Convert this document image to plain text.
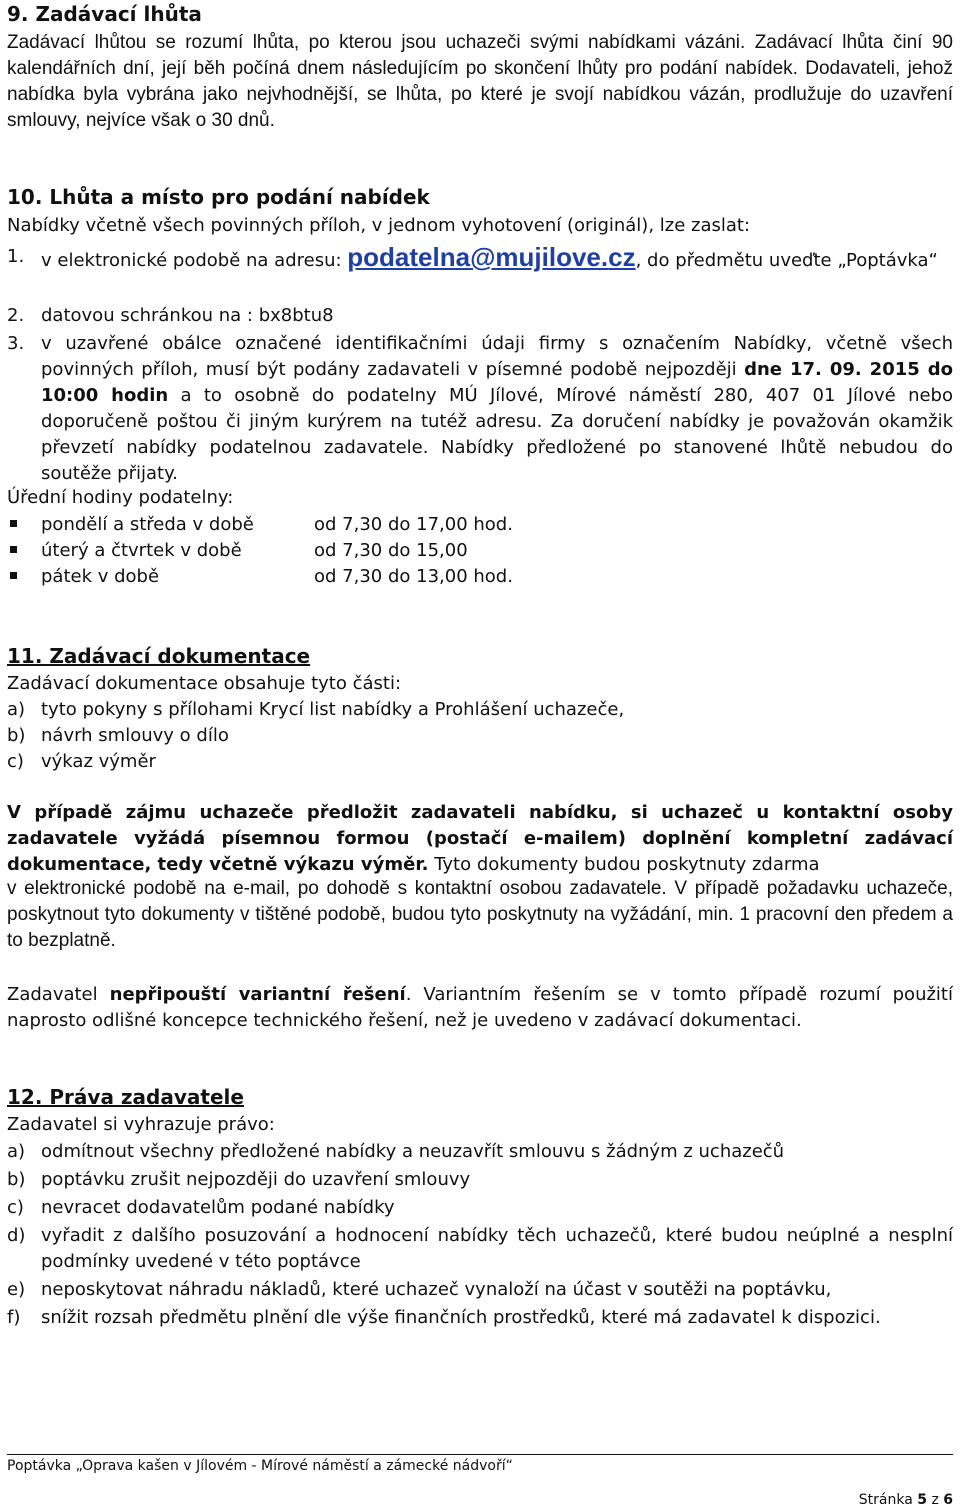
9. Zadávací lhůta

Zadávací lhůtou se rozumí lhůta, po kterou jsou uchazeči svými nabídkami vázáni. Zadávací lhůta činí 90 kalendářních dní, její běh počíná dnem následujícím po skončení lhůty pro podání nabídek. Dodavateli, jehož nabídka byla vybrána jako nejvhodnější, se lhůta, po které je svojí nabídkou vázán, prodlužuje do uzavření smlouvy, nejvíce však o 30 dnů.

10. Lhůta a místo pro podání nabídek

Nabídky včetně všech povinných příloh, v jednom vyhotovení (originál), lze zaslat:

1. v elektronické podobě na adresu: podatelna@mujilove.cz, do předmětu uveďte „Poptávka“
2. datovou schránkou na : bx8btu8
3. v uzavřené obálce označené identifikačními údaji firmy s označením Nabídky, včetně všech povinných příloh, musí být podány zadavateli v písemné podobě nejpozději dne 17. 09. 2015 do 10:00 hodin a to osobně do podatelny MÚ Jílové, Mírové náměstí 280, 407 01 Jílové nebo doporučeně poštou či jiným kurýrem na tutéž adresu. Za doručení nabídky je považován okamžik převzetí nabídky podatelnou zadavatele. Nabídky předložené po stanovené lhůtě nebudou do soutěže přijaty.

Úřední hodiny podatelny:

pondělí a středa v době	od 7,30 do 17,00 hod.
úterý a čtvrtek v době	od 7,30 do 15,00
pátek v době	od 7,30 do 13,00 hod.
11. Zadávací dokumentace

Zadávací dokumentace obsahuje tyto části:

a) tyto pokyny s přílohami Krycí list nabídky a Prohlášení uchazeče,
b) návrh smlouvy o dílo
c) výkaz výměr

V případě zájmu uchazeče předložit zadavateli nabídku, si uchazeč u kontaktní osoby zadavatele vyžádá písemnou formou (postačí e-mailem) doplnění kompletní zadávací dokumentace, tedy včetně výkazu výměr. Tyto dokumenty budou poskytnuty zdarma

v elektronické podobě na e-mail, po dohodě s kontaktní osobou zadavatele. V případě požadavku uchazeče, poskytnout tyto dokumenty v tištěné podobě, budou tyto poskytnuty na vyžádání, min. 1 pracovní den předem a to bezplatně.

Zadavatel nepřipouští variantní řešení. Variantním řešením se v tomto případě rozumí použití naprosto odlišné koncepce technického řešení, než je uvedeno v zadávací dokumentaci.

12. Práva zadavatele

Zadavatel si vyhrazuje právo:

a) odmítnout všechny předložené nabídky a neuzavřít smlouvu s žádným z uchazečů
b) poptávku zrušit nejpozději do uzavření smlouvy
c) nevracet dodavatelům podané nabídky
d) vyřadit z dalšího posuzování a hodnocení nabídky těch uchazečů, které budou neúplné a nesplní podmínky uvedené v této poptávce
e) neposkytovat náhradu nákladů, které uchazeč vynaloží na účast v soutěži na poptávku,
f)	snížit rozsah předmětu plnění dle výše finančních prostředků, které má zadavatel k dispozici.
Poptávka „Oprava kašen v Jílovém - Mírové náměstí a zámecké nádvoří“
Stránka 5 z 6
